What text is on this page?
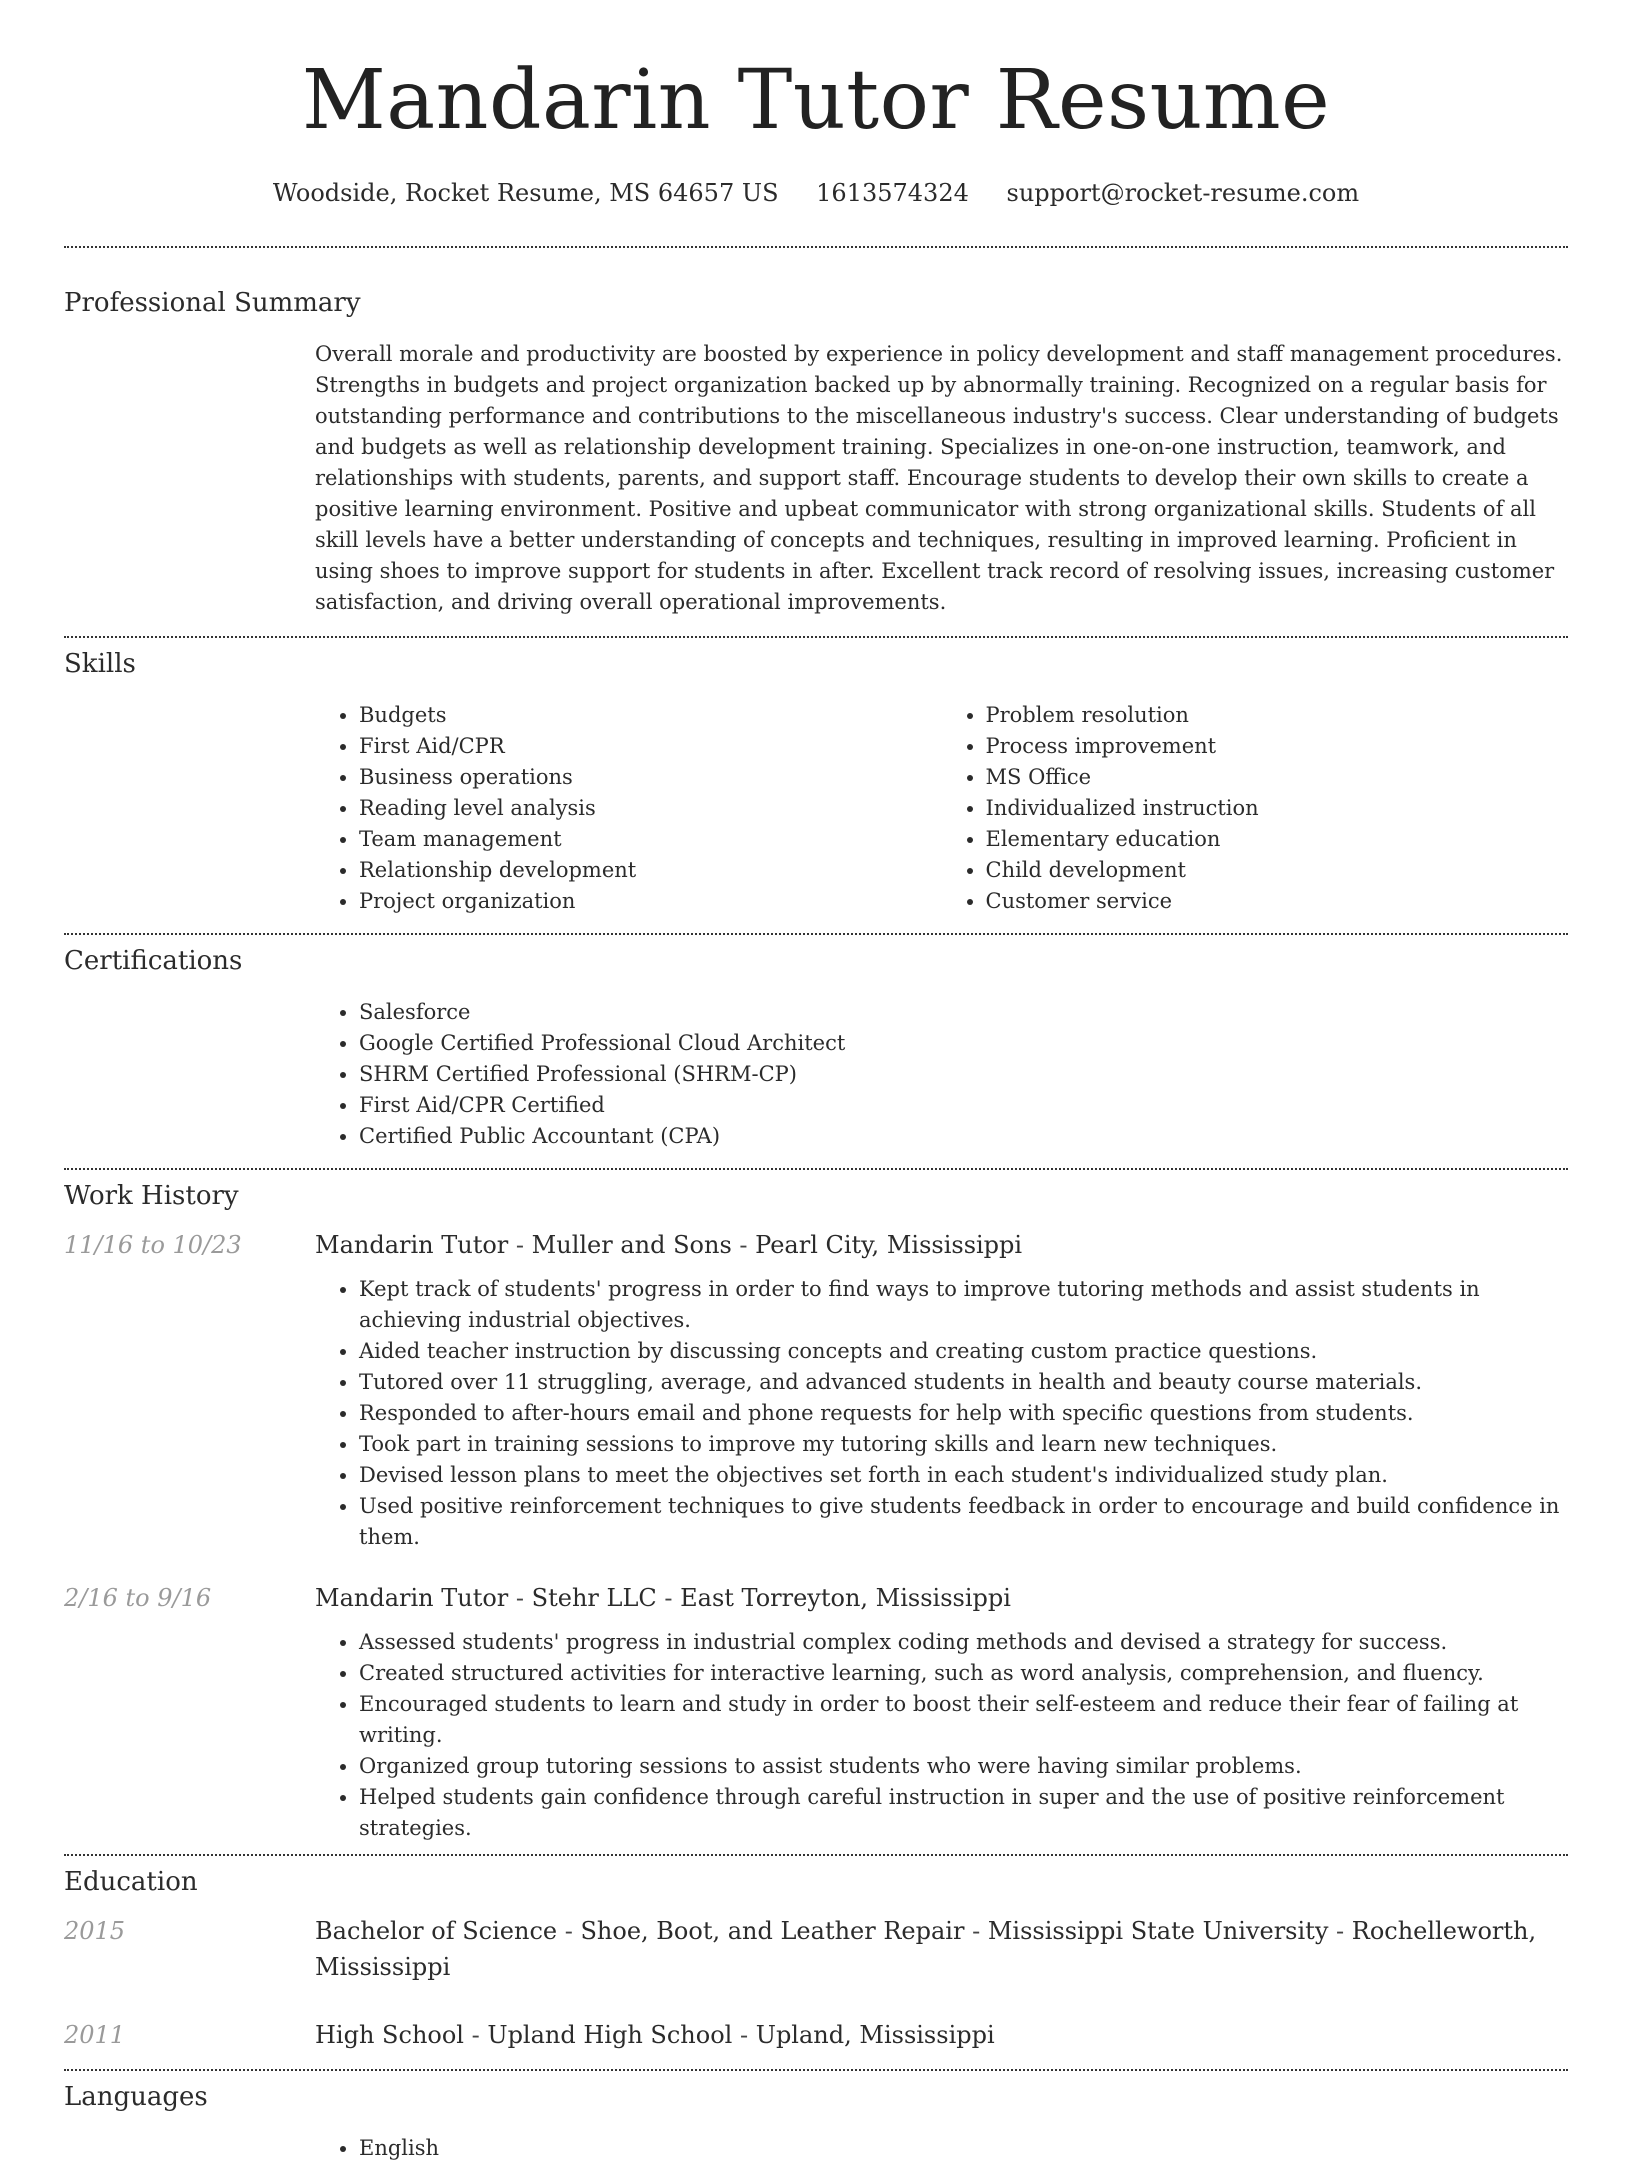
Mandarin Tutor Resume
Woodside, Rocket Resume, MS 64657 US 1613574324 support@rocket-resume.com
Professional Summary

Overall morale and productivity are boosted by experience in policy development and staff management procedures. Strengths in budgets and project organization backed up by abnormally training. Recognized on a regular basis for outstanding performance and contributions to the miscellaneous industry's success. Clear understanding of budgets and budgets as well as relationship development training. Specializes in one-on-one instruction, teamwork, and relationships with students, parents, and support staff. Encourage students to develop their own skills to create a positive learning environment. Positive and upbeat communicator with strong organizational skills. Students of all skill levels have a better understanding of concepts and techniques, resulting in improved learning. Proficient in using shoes to improve support for students in after. Excellent track record of resolving issues, increasing customer satisfaction, and driving overall operational improvements.

Skills
• Budgets
• First Aid/CPR
• Business operations
• Reading level analysis
• Team management
• Relationship development
• Project organization
• Problem resolution
• Process improvement
• MS Office
• Individualized instruction
• Elementary education
• Child development
• Customer service
Certifications
• Salesforce
• Google Certified Professional Cloud Architect
• SHRM Certified Professional (SHRM-CP)
• First Aid/CPR Certified
• Certified Public Accountant (CPA)
Work History
11/16 to 10/23	Mandarin Tutor - Muller and Sons - Pearl City, Mississippi
• Kept track of students' progress in order to find ways to improve tutoring methods and assist students in achieving industrial objectives.
• Aided teacher instruction by discussing concepts and creating custom practice questions.
• Tutored over 11 struggling, average, and advanced students in health and beauty course materials.
• Responded to after-hours email and phone requests for help with specific questions from students.
• Took part in training sessions to improve my tutoring skills and learn new techniques.
• Devised lesson plans to meet the objectives set forth in each student's individualized study plan.
• Used positive reinforcement techniques to give students feedback in order to encourage and build confidence in them.
2/16 to 9/16	Mandarin Tutor - Stehr LLC - East Torreyton, Mississippi
• Assessed students' progress in industrial complex coding methods and devised a strategy for success.
• Created structured activities for interactive learning, such as word analysis, comprehension, and fluency.
• Encouraged students to learn and study in order to boost their self-esteem and reduce their fear of failing at writing.
• Organized group tutoring sessions to assist students who were having similar problems.
• Helped students gain confidence through careful instruction in super and the use of positive reinforcement strategies.
Education
2015	Bachelor of Science - Shoe, Boot, and Leather Repair - Mississippi State University - Rochelleworth, Mississippi
2011	High School - Upland High School - Upland, Mississippi
Languages
• English
